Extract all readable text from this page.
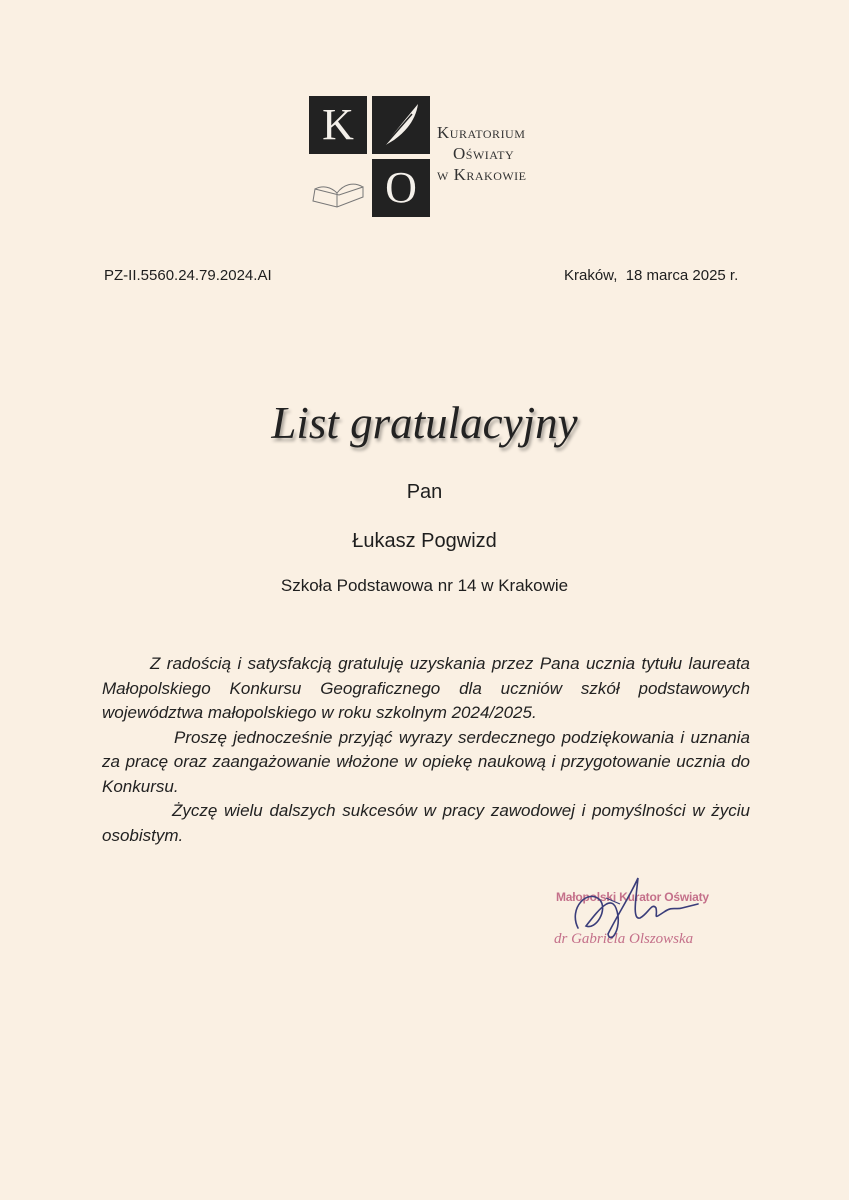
K
O
Kuratorium
Oświaty
w Krakowie
PZ-II.5560.24.79.2024.AI	Kraków,  18 marca 2025 r.
List gratulacyjny
Pan
Łukasz Pogwizd
Szkoła Podstawowa nr 14 w Krakowie

Z radością i satysfakcją gratuluję uzyskania przez Pana ucznia tytułu laureata Małopolskiego Konkursu Geograficznego dla uczniów szkół podstawowych województwa małopolskiego w roku szkolnym 2024/2025.

Proszę jednocześnie przyjąć wyrazy serdecznego podziękowania i uznania za pracę oraz zaangażowanie włożone w opiekę naukową i przygotowanie ucznia do Konkursu.

Życzę wielu dalszych sukcesów w pracy zawodowej i pomyślności w życiu osobistym.

Małopolski Kurator Oświaty
dr Gabriela Olszowska
